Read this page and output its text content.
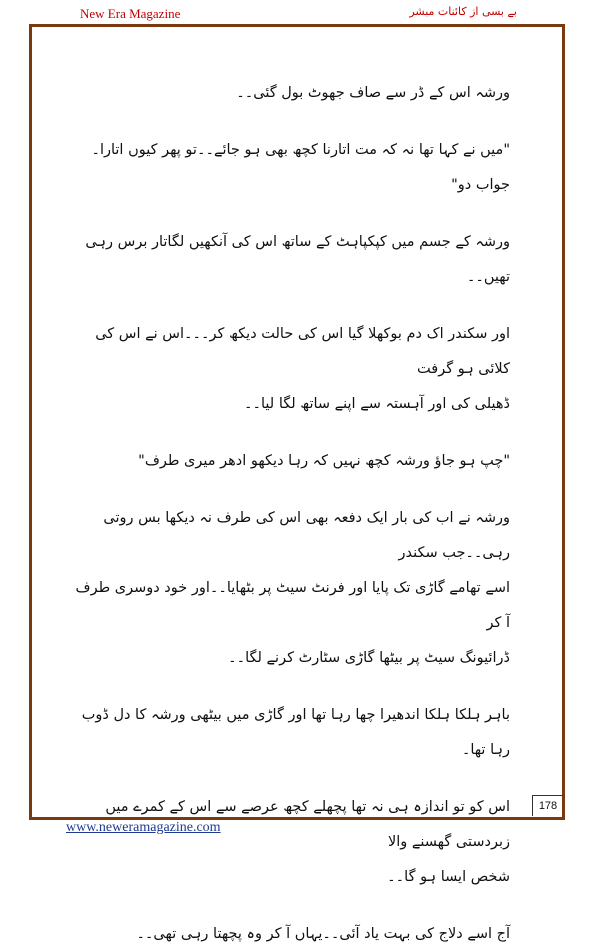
New Era Magazine	بے بسی از کائنات مبشر
ورشہ اس کے ڈر سے صاف جھوٹ بول گئی۔۔
"میں نے کہا تھا نہ کہ مت اتارنا کچھ بھی ہو جائے۔۔تو پھر کیوں اتارا۔جواب دو"
ورشہ کے جسم میں کپکپاہٹ کے ساتھ اس کی آنکھیں لگاتار برس رہی تھیں۔۔
اور سکندر اک دم بوکھلا گیا اس کی حالت دیکھ کر۔۔۔اس نے اس کی کلائی ہو گرفت
ڈھیلی کی اور آہستہ سے اپنے ساتھ لگا لیا۔۔
"چپ ہو جاؤ ورشہ کچھ نہیں کہ رہا دیکھو ادھر میری طرف"
ورشہ نے اب کی بار ایک دفعہ بھی اس کی طرف نہ دیکھا بس روتی رہی۔۔جب سکندر
اسے تھامے گاڑی تک پایا اور فرنٹ سیٹ پر بٹھایا۔۔اور خود دوسری طرف آ کر
ڈرائیونگ سیٹ پر بیٹھا گاڑی سٹارٹ کرنے لگا۔۔
باہر ہلکا ہلکا اندھیرا چھا رہا تھا اور گاڑی میں بیٹھی ورشہ کا دل ڈوب رہا تھا۔
اس کو تو اندازہ ہی نہ تھا پچھلے کچھ عرصے سے اس کے کمرے میں زبردستی گھسنے والا
شخص ایسا ہو گا۔۔
آج اسے دلاج کی بہت یاد آئی۔۔یہاں آ کر وہ پچھتا رہی تھی۔۔
178
www.neweramagazine.com
